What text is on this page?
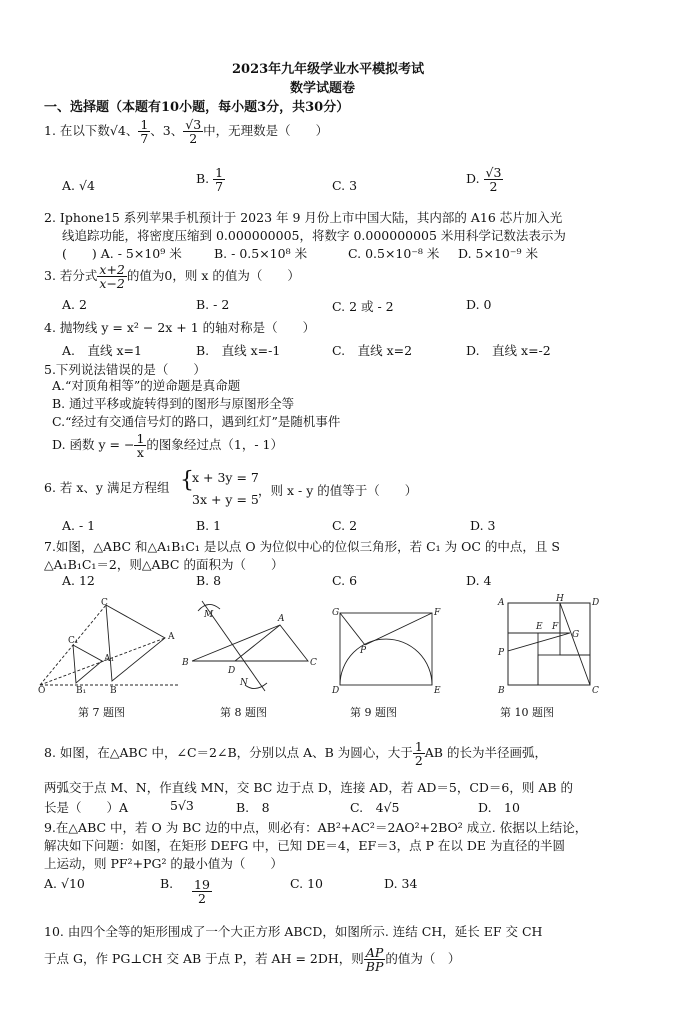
2023年九年级学业水平模拟考试
数学试题卷
一、选择题（本题有10小题，每小题3分，共30分）
1. 在以下数√4、 $\frac{1}{7}$ 、3、 $\frac{√3}{2}$ 中，无理数是（　　）
A. √4	B. $\frac{1}{7}$	C. 3	D. $\frac{√3}{2}$
2. Iphone15 系列苹果手机预计于 2023 年 9 月份上市中国大陆，其内部的 A16 芯片加入光
线追踪功能，将密度压缩到 0.000000005，将数字 0.000000005 米用科学记数法表示为
(　　) A. - 5×10⁹ 米	B. - 0.5×10⁸ 米	C. 0.5×10⁻⁸ 米 D. 5×10⁻⁹ 米
3. 若分式 $\frac{x+2}{x-2}$ 的值为0，则 x 的值为（　　）
A. 2	B. - 2	C. 2 或 - 2	D. 0
4. 抛物线 y = x² − 2x + 1 的轴对称是（　　）
A.　直线 x=1	B.　直线 x=-1	C.　直线 x=2	D.　直线 x=-2
5.下列说法错误的是（　　）
A.“对顶角相等”的逆命题是真命题
B. 通过平移或旋转得到的图形与原图形全等
C.“经过有交通信号灯的路口，遇到红灯”是随机事件
D. 函数 y = − $\frac{1}{x}$ 的图象经过点（1，- 1）
6. 若 x、y 满足方程组 {
x + 3y = 7
3x + y = 5
，则 x - y 的值等于（　　）
A. - 1	B. 1	C. 2	D. 3
7.如图，△ABC 和△A₁B₁C₁ 是以点 O 为位似中心的位似三角形，若 C₁ 为 OC 的中点，且 S
△A₁B₁C₁＝2，则△ABC 的面积为（　　）
A. 12	B. 8	C. 6	D. 4
C
A
B
O
C₁
A₁
B₁
M	A
B
D
C
N
G	F
P
D	E
A	H	D
E F
G
P
B	C
第 7 题图	第 8 题图	第 9 题图	第 10 题图
8. 如图，在△ABC 中，∠C＝2∠B，分别以点 A、B 为圆心，大于 $\frac{1}{2}$ AB 的长为半径画弧，
两弧交于点 M、N，作直线 MN，交 BC 边于点 D，连接 AD，若 AD＝5，CD＝6，则 AB 的
长是（　　）A	5√3	B.　8	C.　4√5	D.　10
9.在△ABC 中，若 O 为 BC 边的中点，则必有：AB²+AC²＝2AO²+2BO² 成立. 依据以上结论，
解决如下问题：如图，在矩形 DEFG 中，已知 DE＝4，EF＝3，点 P 在以 DE 为直径的半圆
上运动，则 PF²+PG² 的最小值为（　　）
A. √10	B. $\frac{19}{2}$	C. 10	D. 34
10. 由四个全等的矩形围成了一个大正方形 ABCD，如图所示. 连结 CH，延长 EF 交 CH
于点 G，作 PG⊥CH 交 AB 于点 P，若 AH = 2DH，则 $\frac{AP}{BP}$ 的值为（　）
